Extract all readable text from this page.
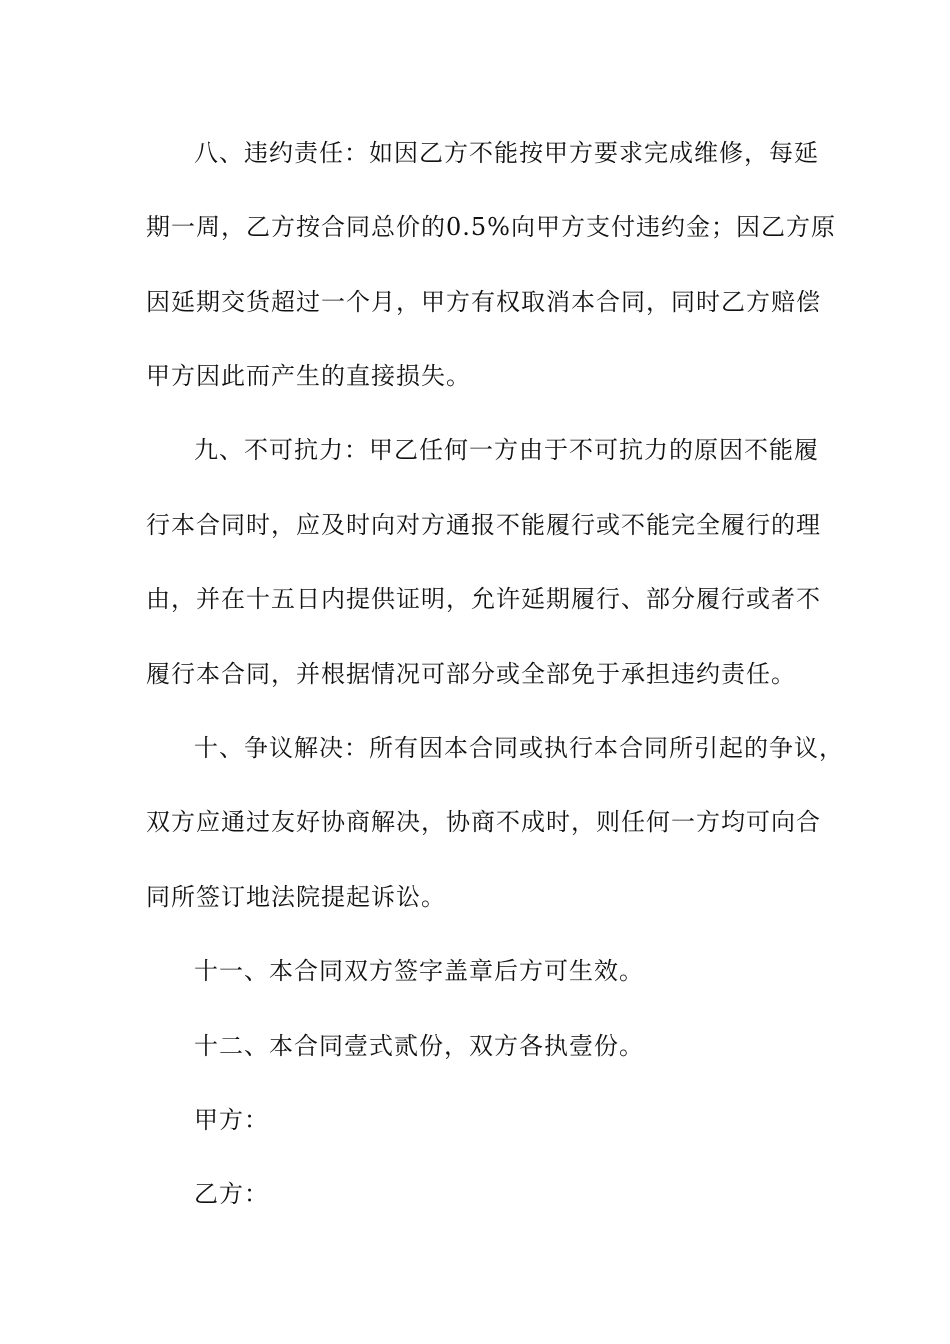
八、违约责任：如因乙方不能按甲方要求完成维修，每延
期一周，乙方按合同总价的0.5%向甲方支付违约金；因乙方原
因延期交货超过一个月，甲方有权取消本合同，同时乙方赔偿
甲方因此而产生的直接损失。
九、不可抗力：甲乙任何一方由于不可抗力的原因不能履
行本合同时，应及时向对方通报不能履行或不能完全履行的理
由，并在十五日内提供证明，允许延期履行、部分履行或者不
履行本合同，并根据情况可部分或全部免于承担违约责任。
十、争议解决：所有因本合同或执行本合同所引起的争议，
双方应通过友好协商解决，协商不成时，则任何一方均可向合
同所签订地法院提起诉讼。
十一、本合同双方签字盖章后方可生效。
十二、本合同壹式贰份，双方各执壹份。
甲方：
乙方：
